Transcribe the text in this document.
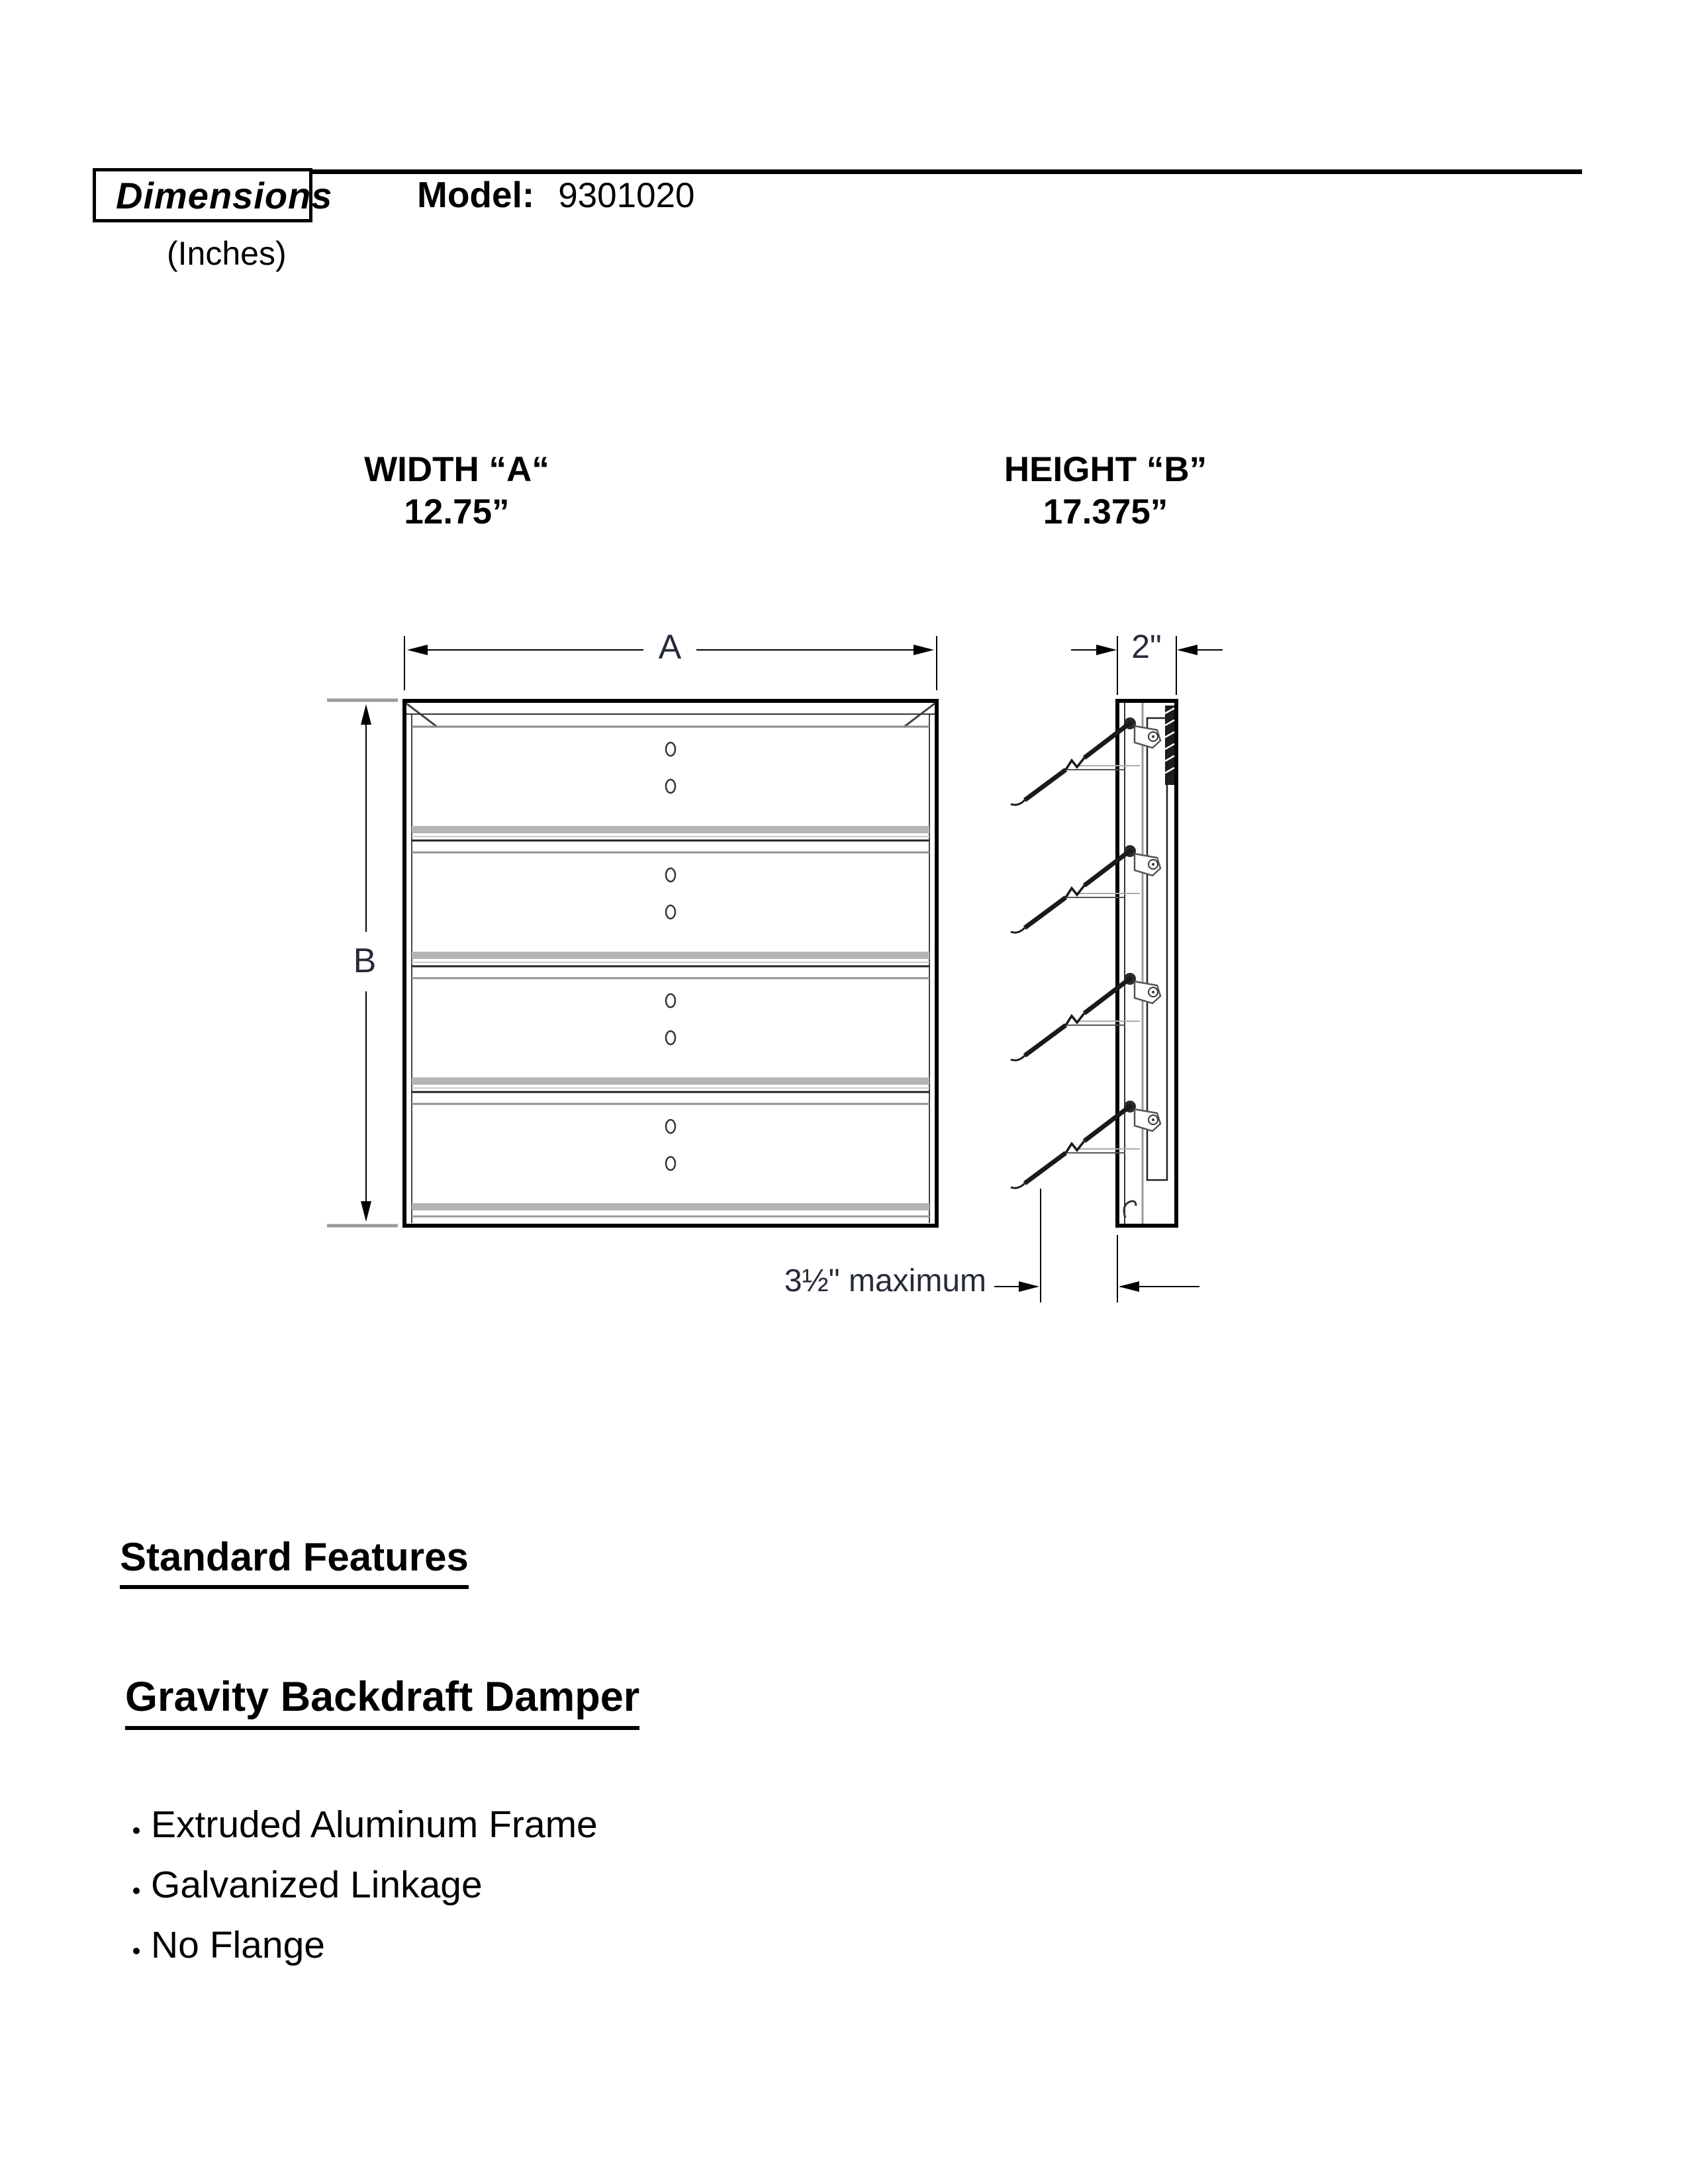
Dimensions
(Inches)
Model: 9301020
WIDTH “A“
12.75”
HEIGHT “B”
17.375”
A
B
2"
3½" maximum
Standard Features
Gravity Backdraft Damper
• Extruded Aluminum Frame
• Galvanized Linkage
• No Flange
